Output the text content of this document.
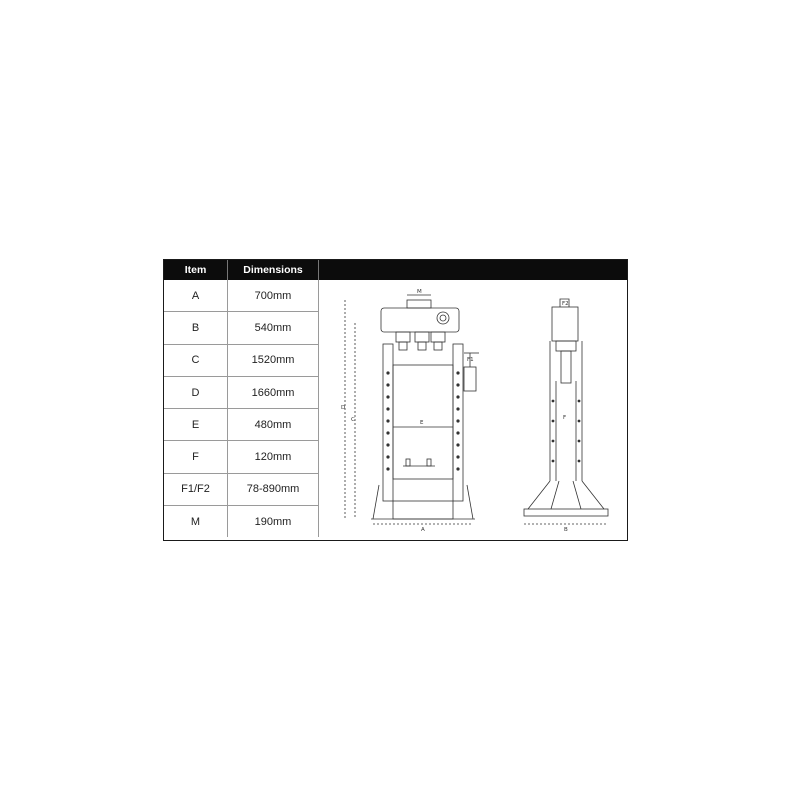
Item	Dimensions
A	700mm
B	540mm
C	1520mm
D	1660mm
E	480mm
F	120mm
F1/F2	78-890mm
M	190mm
M
D
C	E
F1
A	B
F
F2
